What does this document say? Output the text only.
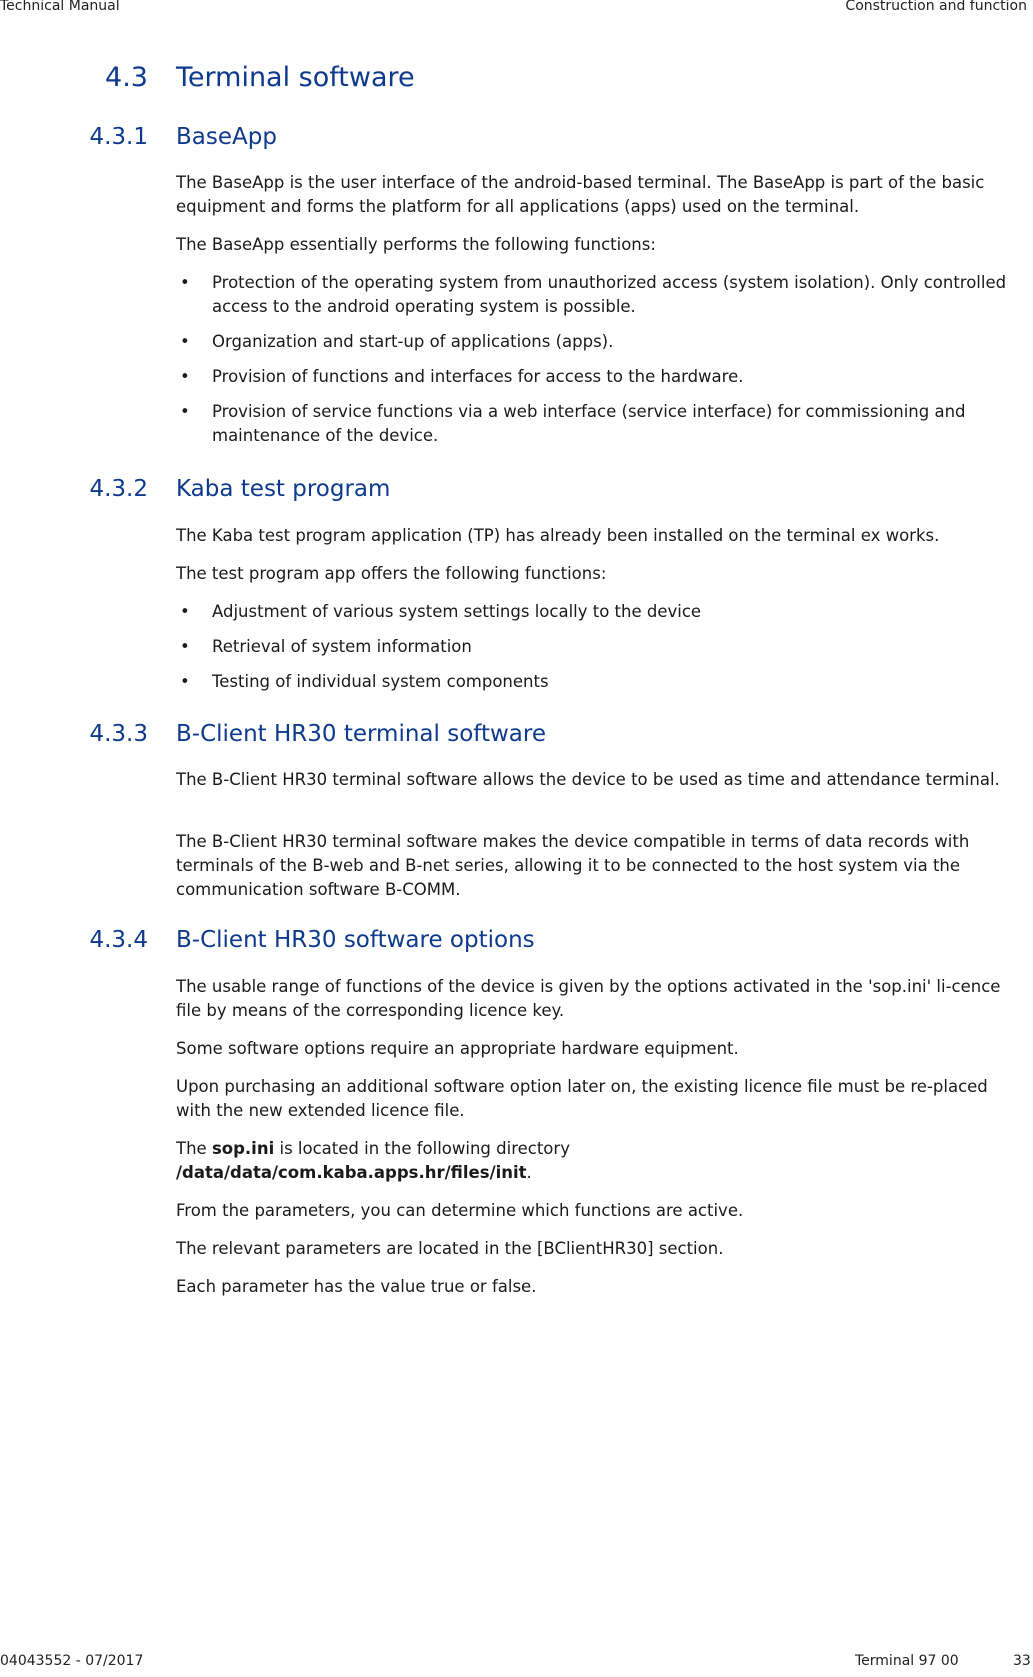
Technical Manual	Construction and function
4.3 Terminal software
4.3.1 BaseApp

The BaseApp is the user interface of the android-based terminal. The BaseApp is part of the basic equipment and forms the platform for all applications (apps) used on the terminal.

The BaseApp essentially performs the following functions:

• Protection of the operating system from unauthorized access (system isolation). Only controlled access to the android operating system is possible.
• Organization and start-up of applications (apps).
• Provision of functions and interfaces for access to the hardware.
• Provision of service functions via a web interface (service interface) for commissioning and maintenance of the device.
4.3.2 Kaba test program

The Kaba test program application (TP) has already been installed on the terminal ex works.

The test program app offers the following functions:

• Adjustment of various system settings locally to the device
• Retrieval of system information
• Testing of individual system components
4.3.3 B-Client HR30 terminal software

The B-Client HR30 terminal software allows the device to be used as time and attendance terminal.

The B-Client HR30 terminal software makes the device compatible in terms of data records with terminals of the B-web and B-net series, allowing it to be connected to the host system via the communication software B-COMM.

4.3.4 B-Client HR30 software options

The usable range of functions of the device is given by the options activated in the 'sop.ini' li-cence file by means of the corresponding licence key.

Some software options require an appropriate hardware equipment.

Upon purchasing an additional software option later on, the existing licence file must be re-placed with the new extended licence file.

The sop.ini is located in the following directory
/data/data/com.kaba.apps.hr/files/init.

From the parameters, you can determine which functions are active.

The relevant parameters are located in the [BClientHR30] section.

Each parameter has the value true or false.

04043552 - 07/2017	Terminal 97 00	33
